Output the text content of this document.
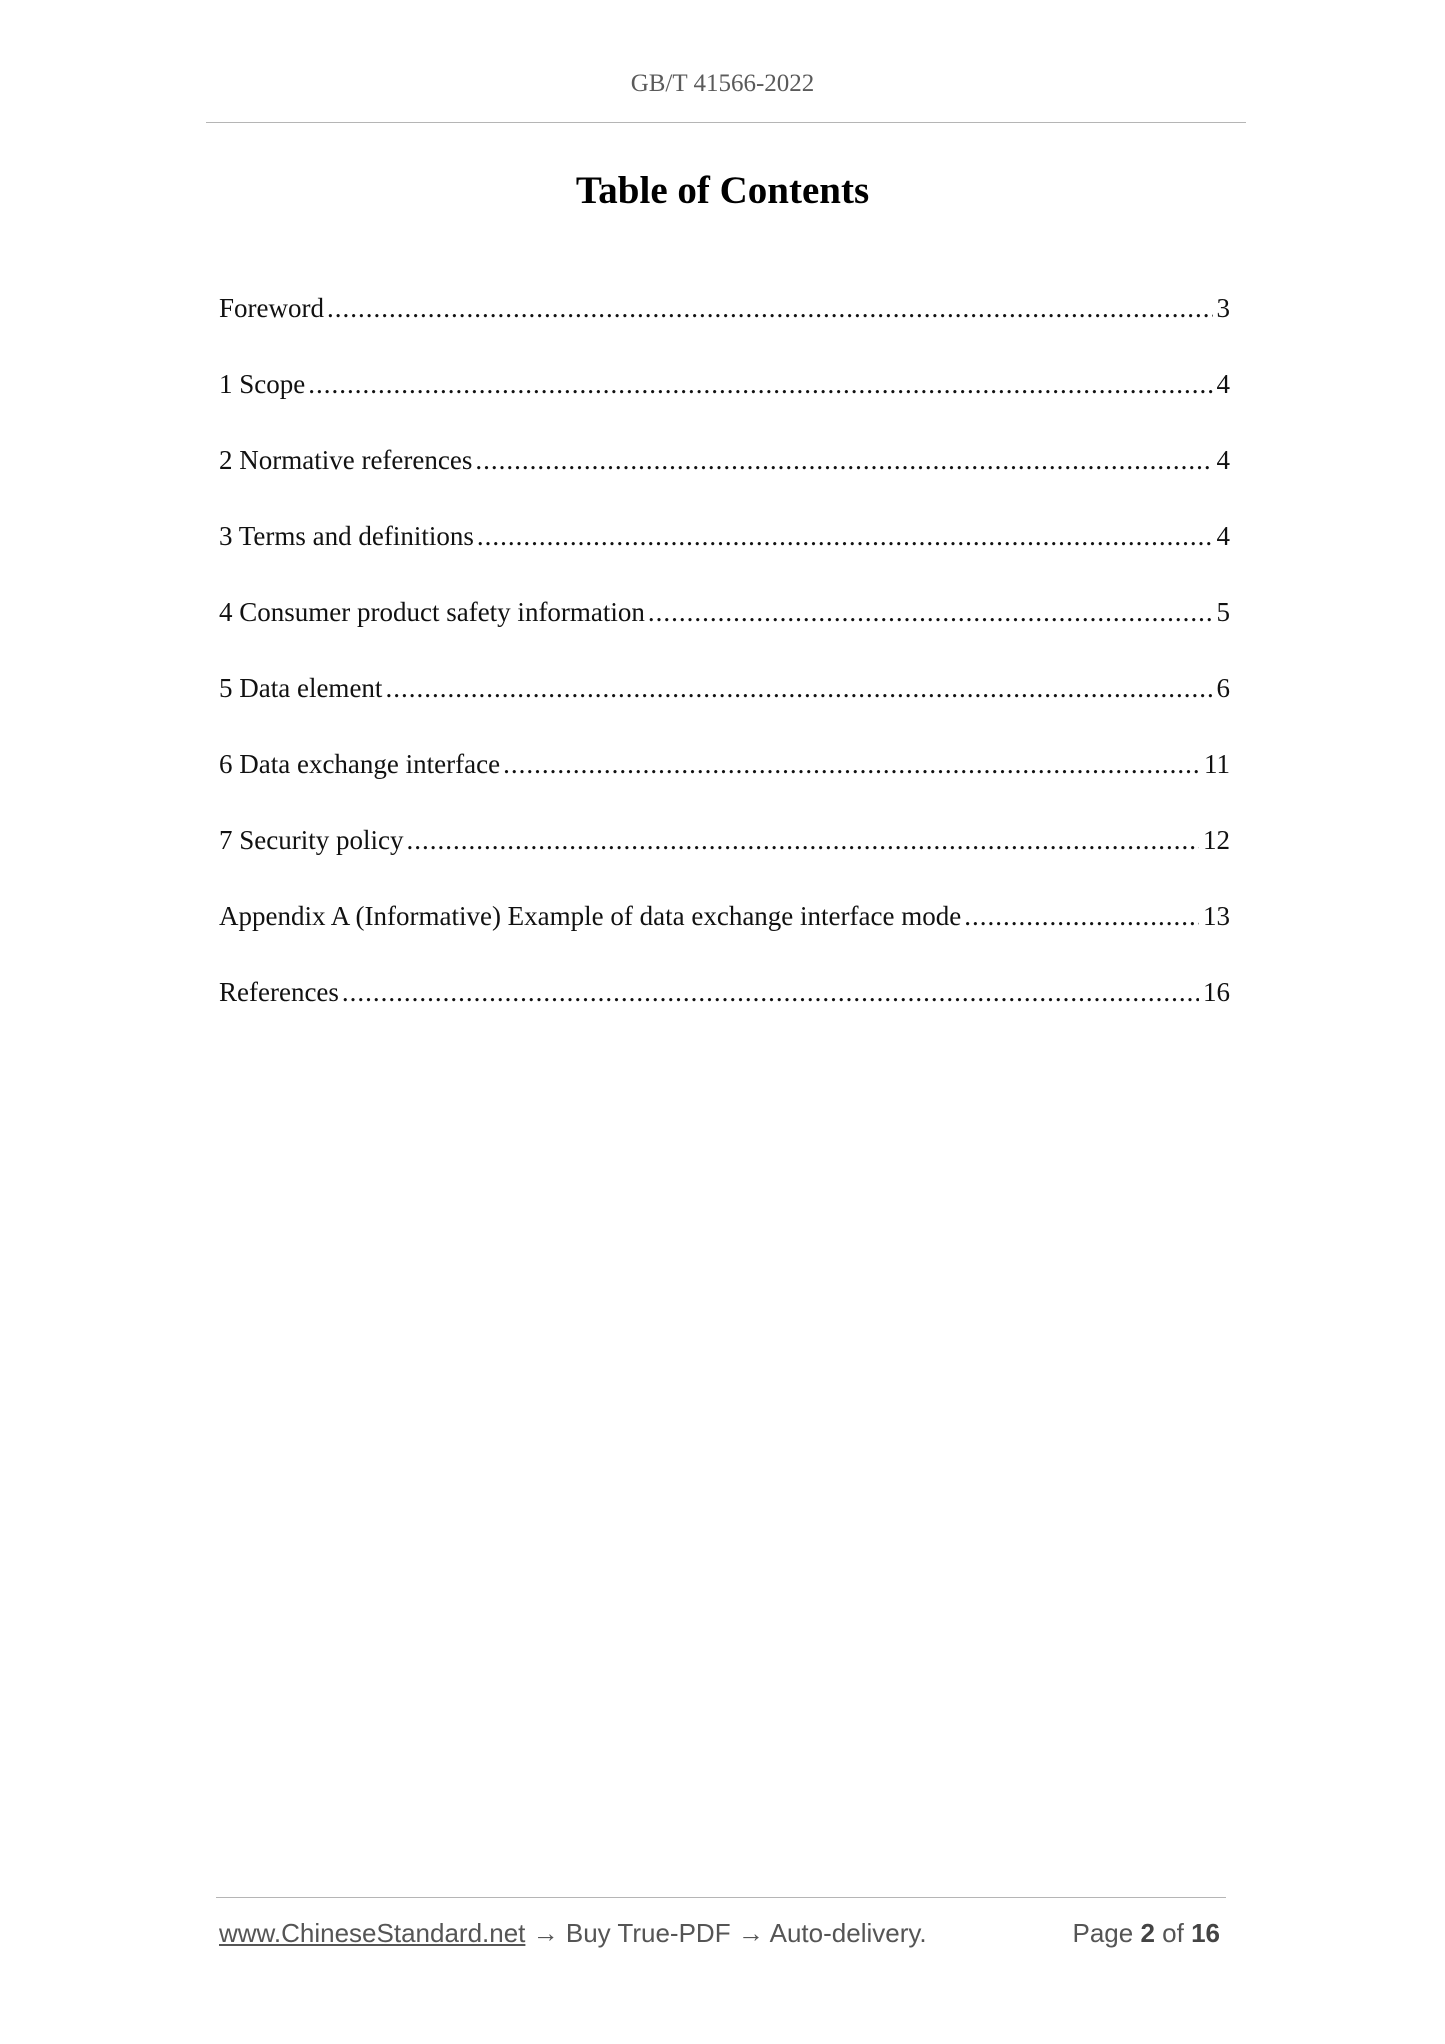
GB/T 41566-2022
Table of Contents
Foreword .....	3
1 Scope .....	4
2 Normative references .....	4
3 Terms and definitions .....	4
4 Consumer product safety information .....	5
5 Data element .....	6
6 Data exchange interface .....	11
7 Security policy .....	12
Appendix A (Informative) Example of data exchange interface mode .....	13
References .....	16
www.ChineseStandard.net → Buy True-PDF → Auto-delivery.	Page 2 of 16
